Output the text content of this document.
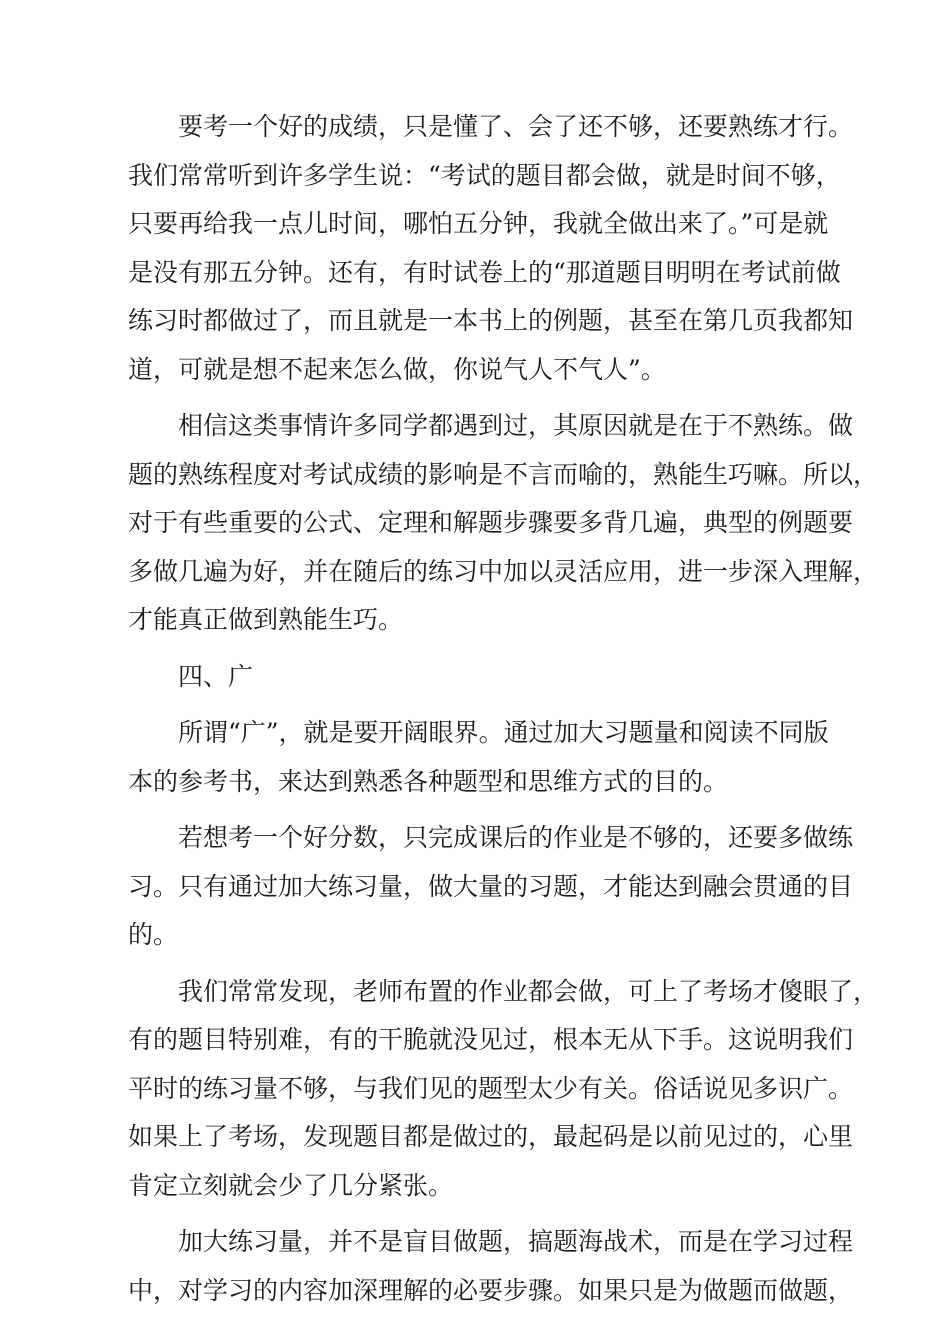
要考一个好的成绩，只是懂了、会了还不够，还要熟练才行。
我们常常听到许多学生说：“考试的题目都会做，就是时间不够，
只要再给我一点儿时间，哪怕五分钟，我就全做出来了。”可是就
是没有那五分钟。还有，有时试卷上的“那道题目明明在考试前做
练习时都做过了，而且就是一本书上的例题，甚至在第几页我都知
道，可就是想不起来怎么做，你说气人不气人”。
相信这类事情许多同学都遇到过，其原因就是在于不熟练。做
题的熟练程度对考试成绩的影响是不言而喻的，熟能生巧嘛。所以，
对于有些重要的公式、定理和解题步骤要多背几遍，典型的例题要
多做几遍为好，并在随后的练习中加以灵活应用，进一步深入理解，
才能真正做到熟能生巧。
四、广
所谓“广”，就是要开阔眼界。通过加大习题量和阅读不同版
本的参考书，来达到熟悉各种题型和思维方式的目的。
若想考一个好分数，只完成课后的作业是不够的，还要多做练
习。只有通过加大练习量，做大量的习题，才能达到融会贯通的目
的。
我们常常发现，老师布置的作业都会做，可上了考场才傻眼了，
有的题目特别难，有的干脆就没见过，根本无从下手。这说明我们
平时的练习量不够，与我们见的题型太少有关。俗话说见多识广。
如果上了考场，发现题目都是做过的，最起码是以前见过的，心里
肯定立刻就会少了几分紧张。
加大练习量，并不是盲目做题，搞题海战术，而是在学习过程
中，对学习的内容加深理解的必要步骤。如果只是为做题而做题，
